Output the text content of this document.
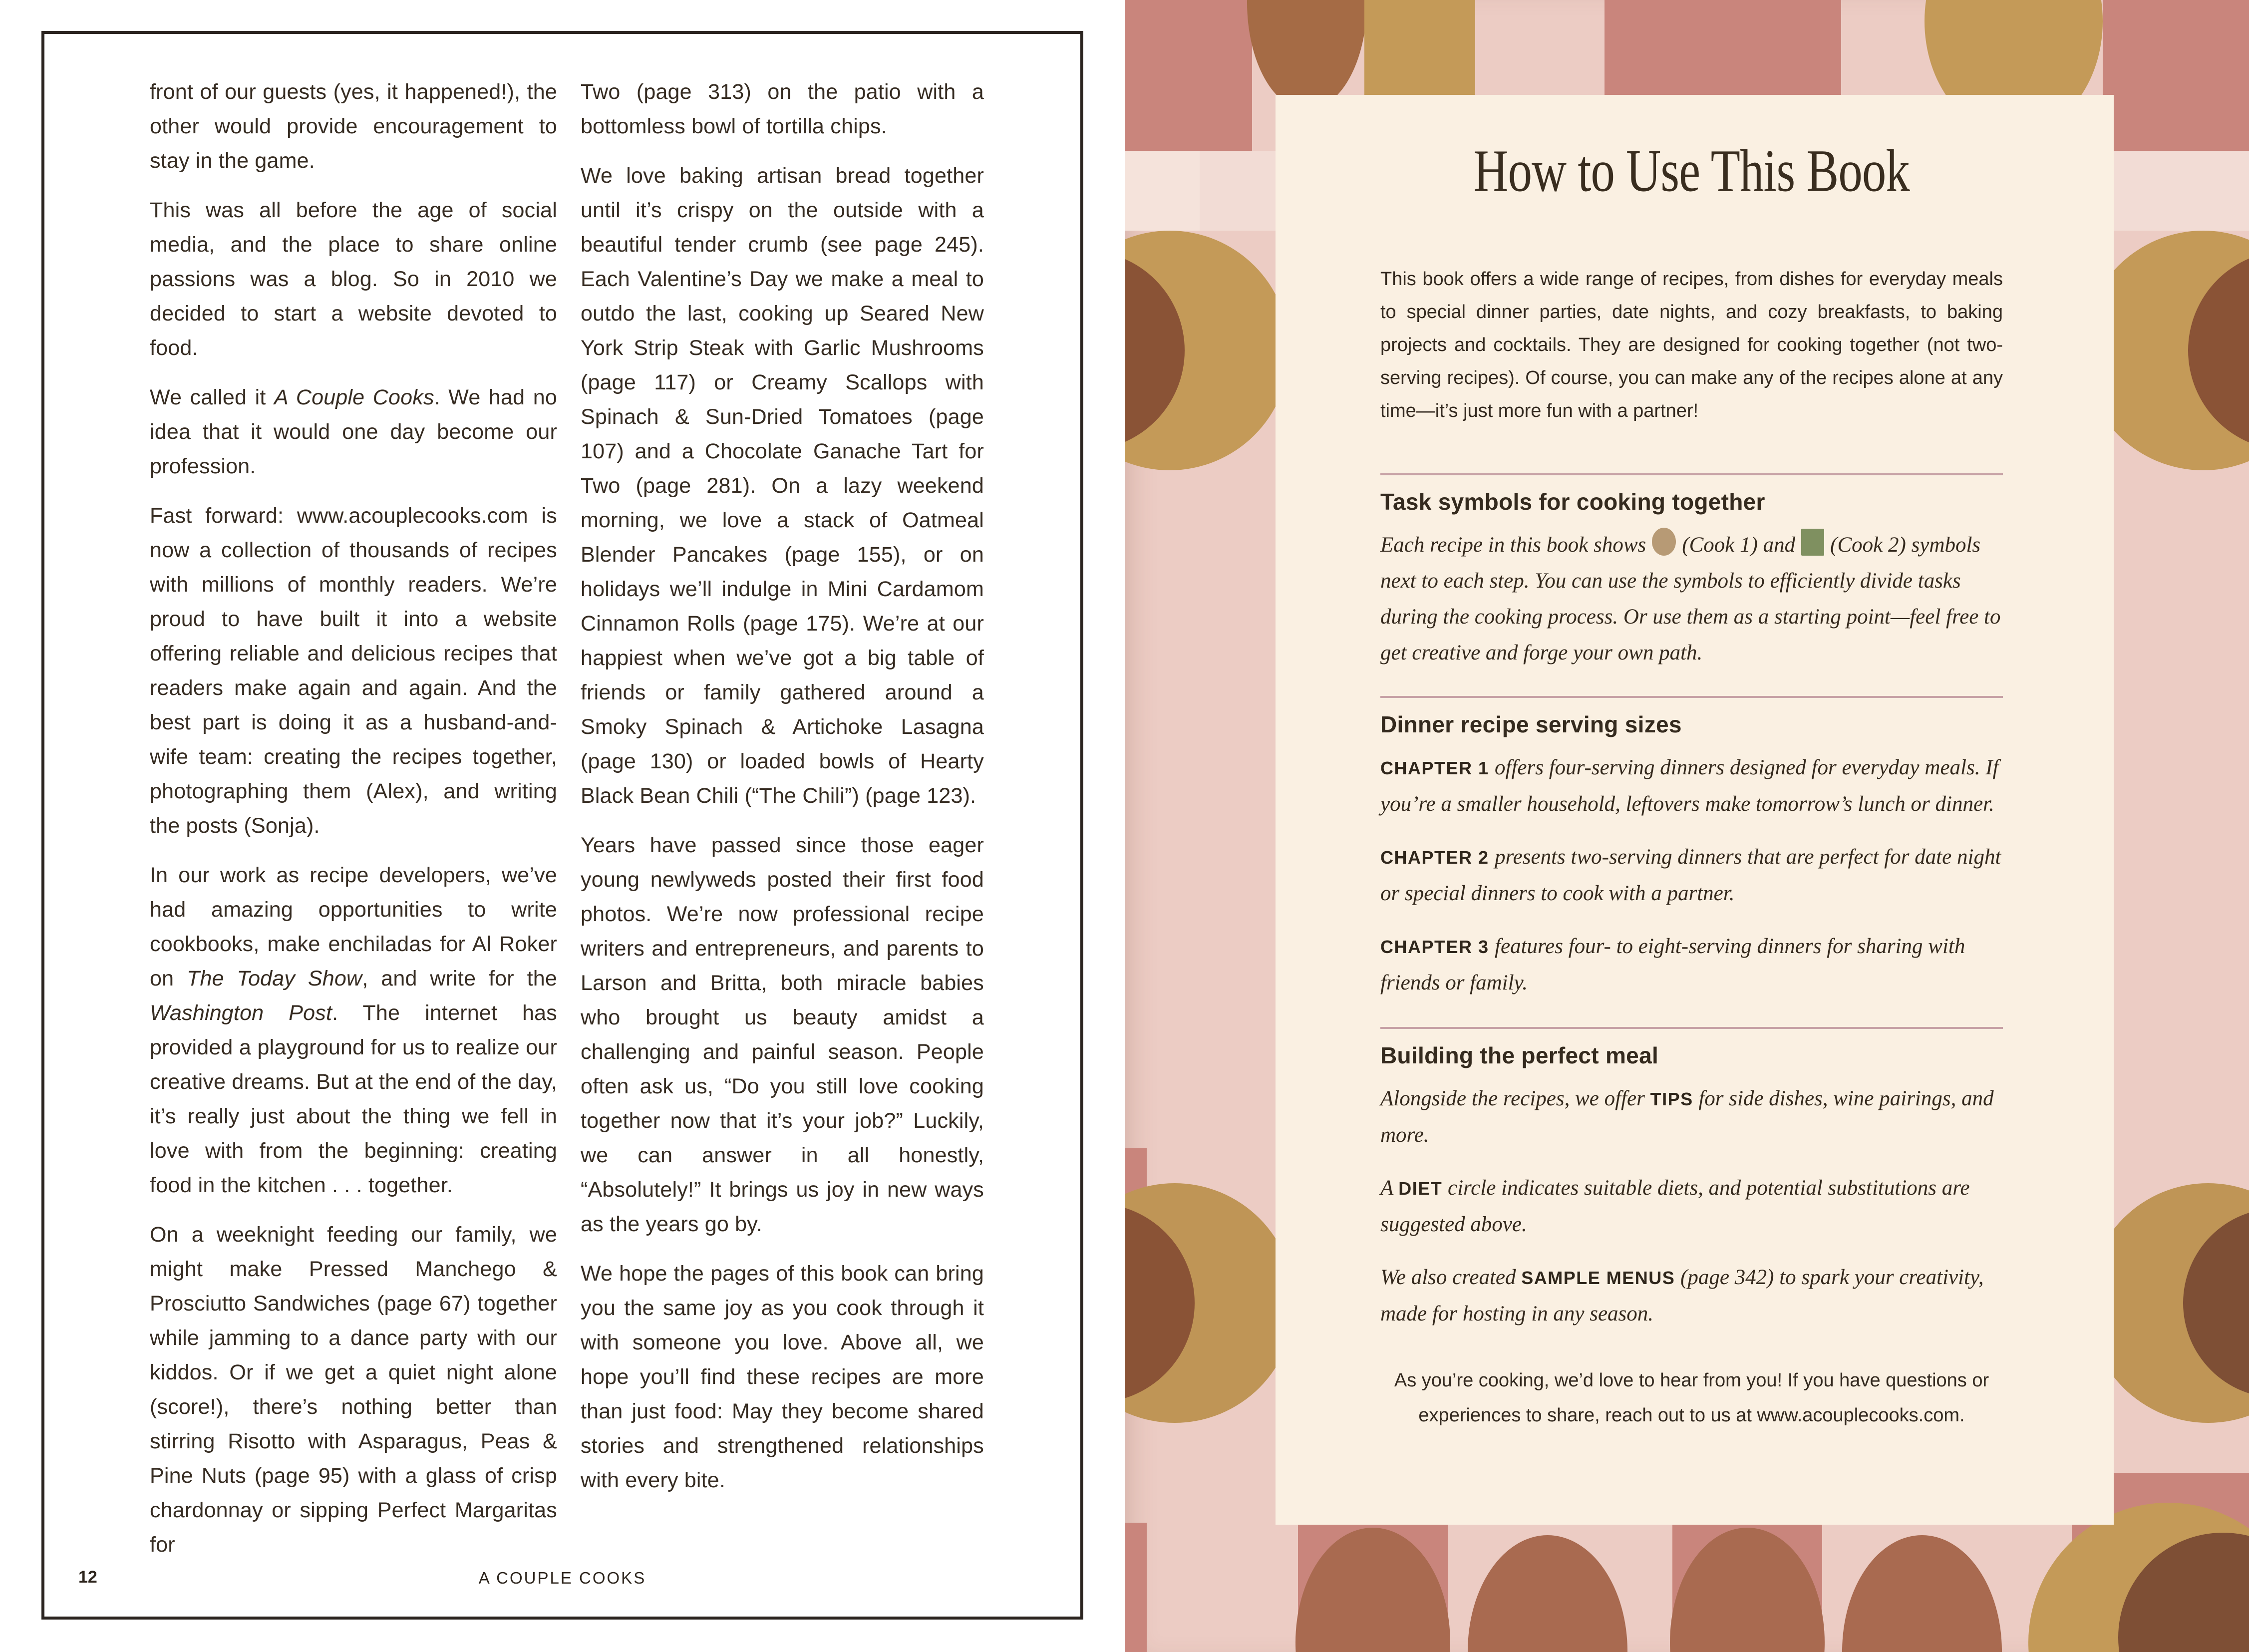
front of our guests (yes, it happened!), the other would provide encouragement to stay in the game.

This was all before the age of social media, and the place to share online passions was a blog. So in 2010 we decided to start a website devoted to food.

We called it A Couple Cooks. We had no idea that it would one day become our profession.

Fast forward: www.acouplecooks.com is now a collection of thousands of recipes with millions of monthly readers. We’re proud to have built it into a website offering reliable and delicious recipes that readers make again and again. And the best part is doing it as a husband-and-wife team: creating the recipes together, photographing them (Alex), and writing the posts (Sonja).

In our work as recipe developers, we’ve had amazing opportunities to write cookbooks, make enchiladas for Al Roker on The Today Show, and write for the Washington Post. The internet has provided a playground for us to realize our creative dreams. But at the end of the day, it’s really just about the thing we fell in love with from the beginning: creating food in the kitchen . . . together.

On a weeknight feeding our family, we might make Pressed Manchego & Prosciutto Sandwiches (page 67) together while jamming to a dance party with our kiddos. Or if we get a quiet night alone (score!), there’s nothing better than stirring Risotto with Asparagus, Peas & Pine Nuts (page 95) with a glass of crisp chardonnay or sipping Perfect Margaritas for

Two (page 313) on the patio with a bottomless bowl of tortilla chips.

We love baking artisan bread together until it’s crispy on the outside with a beautiful tender crumb (see page 245). Each Valentine’s Day we make a meal to outdo the last, cooking up Seared New York Strip Steak with Garlic Mushrooms (page 117) or Creamy Scallops with Spinach & Sun-Dried Tomatoes (page 107) and a Chocolate Ganache Tart for Two (page 281). On a lazy weekend morning, we love a stack of Oatmeal Blender Pancakes (page 155), or on holidays we’ll indulge in Mini Cardamom Cinnamon Rolls (page 175). We’re at our happiest when we’ve got a big table of friends or family gathered around a Smoky Spinach & Artichoke Lasagna (page 130) or loaded bowls of Hearty Black Bean Chili (“The Chili”) (page 123).

Years have passed since those eager young newlyweds posted their first food photos. We’re now professional recipe writers and entrepreneurs, and parents to Larson and Britta, both miracle babies who brought us beauty amidst a challenging and painful season. People often ask us, “Do you still love cooking together now that it’s your job?” Luckily, we can answer in all honestly, “Absolutely!” It brings us joy in new ways as the years go by.

We hope the pages of this book can bring you the same joy as you cook through it with someone you love. Above all, we hope you’ll find these recipes are more than just food: May they become shared stories and strengthened relationships with every bite.

12	A COUPLE COOKS
How to Use This Book

This book offers a wide range of recipes, from dishes for everyday meals to special dinner parties, date nights, and cozy breakfasts, to baking projects and cocktails. They are designed for cooking together (not two-serving recipes). Of course, you can make any of the recipes alone at any time—it’s just more fun with a partner!

Task symbols for cooking together

Each recipe in this book shows (Cook 1) and (Cook 2) symbols next to each step. You can use the symbols to efficiently divide tasks during the cooking process. Or use them as a starting point—feel free to get creative and forge your own path.

Dinner recipe serving sizes

CHAPTER 1 offers four-serving dinners designed for everyday meals. If you’re a smaller household, leftovers make tomorrow’s lunch or dinner.

CHAPTER 2 presents two-serving dinners that are perfect for date night or special dinners to cook with a partner.

CHAPTER 3 features four- to eight-serving dinners for sharing with friends or family.

Building the perfect meal

Alongside the recipes, we offer TIPS for side dishes, wine pairings, and more.

A DIET circle indicates suitable diets, and potential substitutions are suggested above.

We also created SAMPLE MENUS (page 342) to spark your creativity, made for hosting in any season.

As you’re cooking, we’d love to hear from you! If you have questions or experiences to share, reach out to us at www.acouplecooks.com.
